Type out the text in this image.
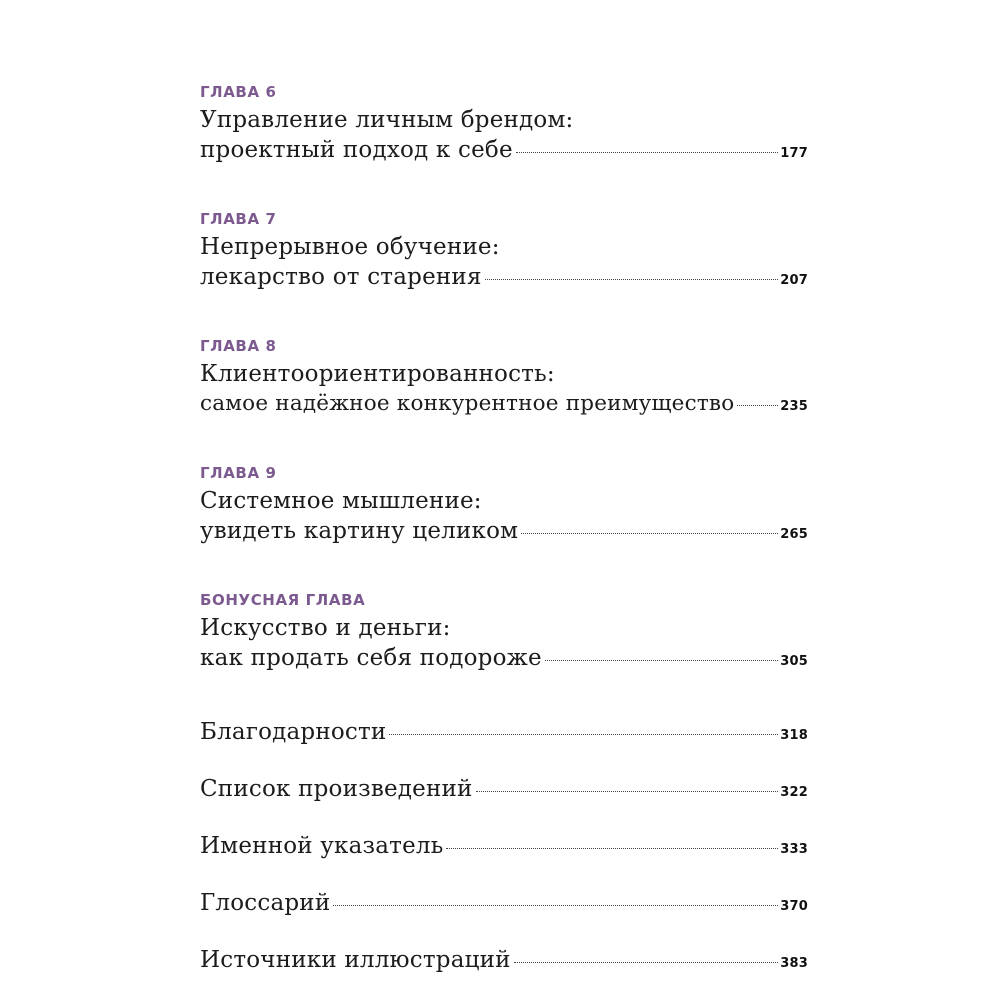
ГЛАВА 6
Управление личным брендом:
проектный подход к себе	177
ГЛАВА 7
Непрерывное обучение:
лекарство от старения	207
ГЛАВА 8
Клиентоориентированность:
самое надёжное конкурентное преимущество	235
ГЛАВА 9
Системное мышление:
увидеть картину целиком	265
БОНУСНАЯ ГЛАВА
Искусство и деньги:
как продать себя подороже	305
Благодарности	318
Список произведений	322
Именной указатель	333
Глоссарий	370
Источники иллюстраций	383
